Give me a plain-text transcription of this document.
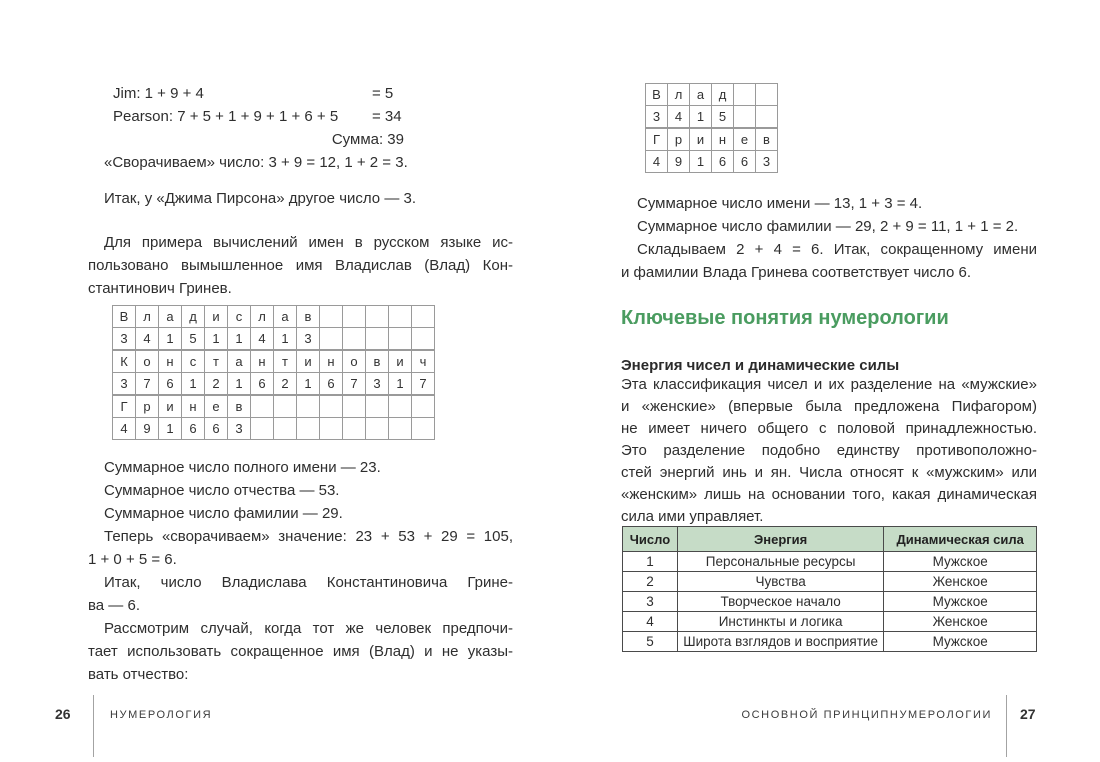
Jim: 1 + 9 + 4	= 5
Pearson: 7 + 5 + 1 + 9 + 1 + 6 + 5 = 34
Сумма: 39
«Сворачиваем» число: 3 + 9 = 12, 1 + 2 = 3.
Итак, у «Джима Пирсона» другое число — 3.
Для примера вычислений имен в русском языке ис-
пользовано вымышленное имя Владислав (Влад) Кон-
стантинович Гринев.
В	л	а	д	и	с	л	а	в					
3	4	1	5	1	1	4	1	3					
К	о	н	с	т	а	н	т	и	н	о	в	и	ч
3	7	6	1	2	1	6	2	1	6	7	3	1	7
Г	р	и	н	е	в								
4	9	1	6	6	3								
Суммарное число полного имени — 23.
Суммарное число отчества — 53.
Суммарное число фамилии — 29.
Теперь «сворачиваем» значение: 23 + 53 + 29 = 105,
1 + 0 + 5 = 6.
Итак, число Владислава Константиновича Грине-
ва — 6.
Рассмотрим случай, когда тот же человек предпочи-
тает использовать сокращенное имя (Влад) и не указы-
вать отчество:
26	НУМЕРОЛОГИЯ
В	л	а	д		
3	4	1	5		
Г	р	и	н	е	в
4	9	1	6	6	3
Суммарное число имени — 13, 1 + 3 = 4.
Суммарное число фамилии — 29, 2 + 9 = 11, 1 + 1 = 2.
Складываем 2 + 4 = 6. Итак, сокращенному имени
и фамилии Влада Гринева соответствует число 6.
Ключевые понятия нумерологии
Энергия чисел и динамические силы
Эта классификация чисел и их разделение на «мужские»
и «женские» (впервые была предложена Пифагором)
не имеет ничего общего с половой принадлежностью.
Это разделение подобно единству противоположно-
стей энергий инь и ян. Числа относят к «мужским» или
«женским» лишь на основании того, какая динамическая
сила ими управляет.
Число	Энергия	Динамическая сила
1	Персональные ресурсы	Мужское
2	Чувства	Женское
3	Творческое начало	Мужское
4	Инстинкты и логика	Женское
5	Широта взглядов и восприятие	Мужское
ОСНОВНОЙ ПРИНЦИПНУМЕРОЛОГИИ 27
